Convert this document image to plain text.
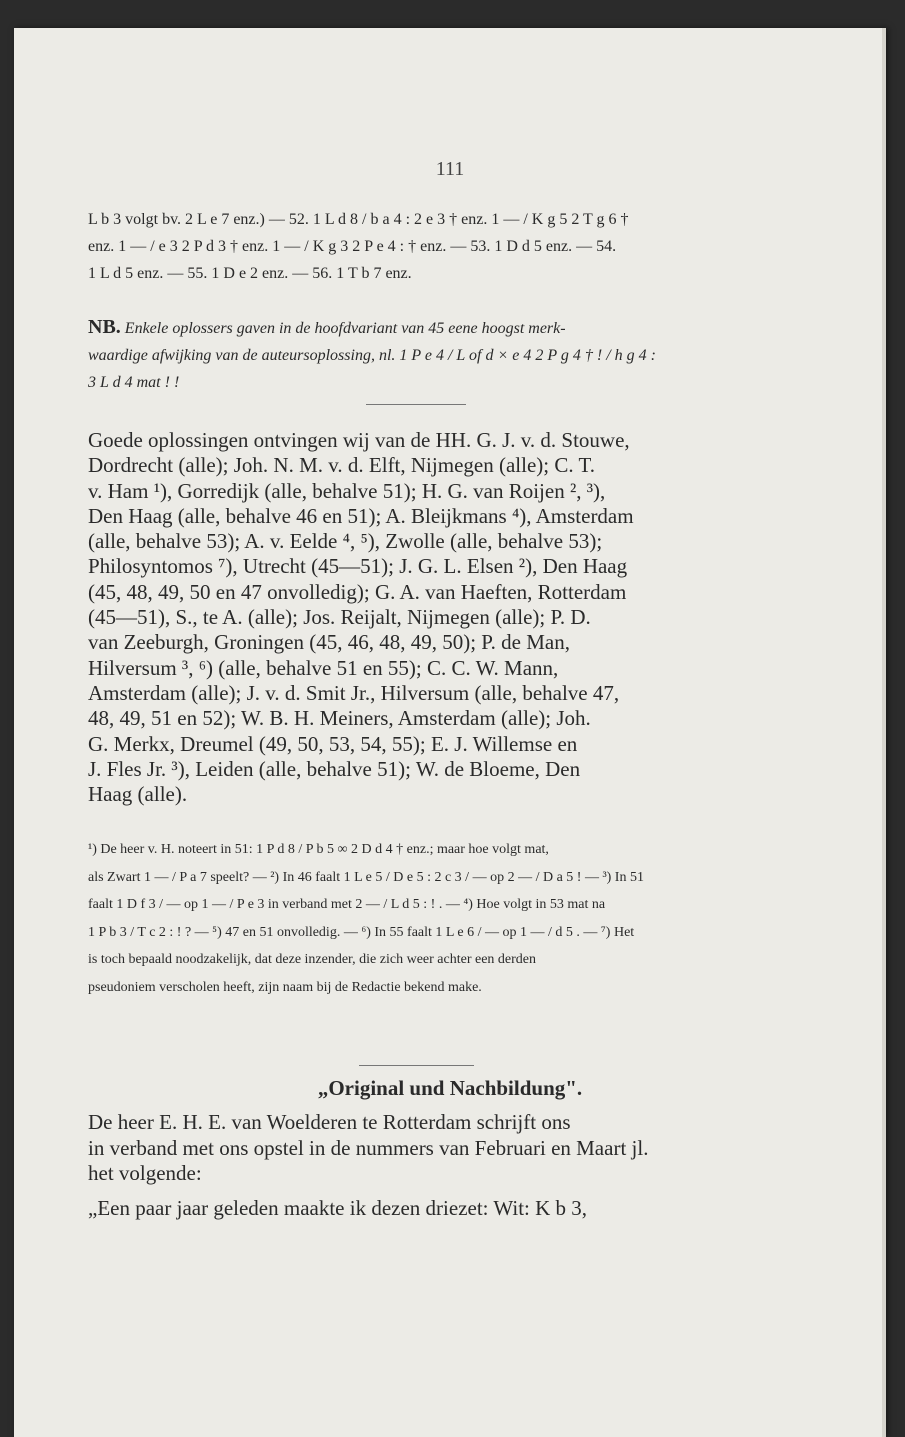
111
L b 3 volgt bv. 2 L e 7 enz.) — 52. 1 L d 8 / b a 4 : 2 e 3 † enz. 1 — / K g 5 2 T g 6 †
enz. 1 — / e 3 2 P d 3 † enz. 1 — / K g 3 2 P e 4 : † enz. — 53. 1 D d 5 enz. — 54.
1 L d 5 enz. — 55. 1 D e 2 enz. — 56. 1 T b 7 enz.
NB. Enkele oplossers gaven in de hoofdvariant van 45 eene hoogst merk-
waardige afwijking van de auteursoplossing, nl. 1 P e 4 / L of d × e 4 2 P g 4 † ! / h g 4 :
3 L d 4 mat ! !
Goede oplossingen ontvingen wij van de HH. G. J. v. d. Stouwe,
Dordrecht (alle); Joh. N. M. v. d. Elft, Nijmegen (alle); C. T.
v. Ham ¹), Gorredijk (alle, behalve 51); H. G. van Roijen ², ³),
Den Haag (alle, behalve 46 en 51); A. Bleijkmans ⁴), Amsterdam
(alle, behalve 53); A. v. Eelde ⁴, ⁵), Zwolle (alle, behalve 53);
Philosyntomos ⁷), Utrecht (45—51); J. G. L. Elsen ²), Den Haag
(45, 48, 49, 50 en 47 onvolledig); G. A. van Haeften, Rotterdam
(45—51), S., te A. (alle); Jos. Reijalt, Nijmegen (alle); P. D.
van Zeeburgh, Groningen (45, 46, 48, 49, 50); P. de Man,
Hilversum ³, ⁶) (alle, behalve 51 en 55); C. C. W. Mann,
Amsterdam (alle); J. v. d. Smit Jr., Hilversum (alle, behalve 47,
48, 49, 51 en 52); W. B. H. Meiners, Amsterdam (alle); Joh.
G. Merkx, Dreumel (49, 50, 53, 54, 55); E. J. Willemse en
J. Fles Jr. ³), Leiden (alle, behalve 51); W. de Bloeme, Den
Haag (alle).
¹) De heer v. H. noteert in 51: 1 P d 8 / P b 5 ∞ 2 D d 4 † enz.; maar hoe volgt mat,
als Zwart 1 — / P a 7 speelt? — ²) In 46 faalt 1 L e 5 / D e 5 : 2 c 3 / — op 2 — / D a 5 ! — ³) In 51
faalt 1 D f 3 / — op 1 — / P e 3 in verband met 2 — / L d 5 : ! . — ⁴) Hoe volgt in 53 mat na
1 P b 3 / T c 2 : ! ? — ⁵) 47 en 51 onvolledig. — ⁶) In 55 faalt 1 L e 6 / — op 1 — / d 5 . — ⁷) Het
is toch bepaald noodzakelijk, dat deze inzender, die zich weer achter een derden
pseudoniem verscholen heeft, zijn naam bij de Redactie bekend make.
„Original und Nachbildung".
De heer E. H. E. van Woelderen te Rotterdam schrijft ons
in verband met ons opstel in de nummers van Februari en Maart jl.
het volgende:
„Een paar jaar geleden maakte ik dezen driezet: Wit: K b 3,
